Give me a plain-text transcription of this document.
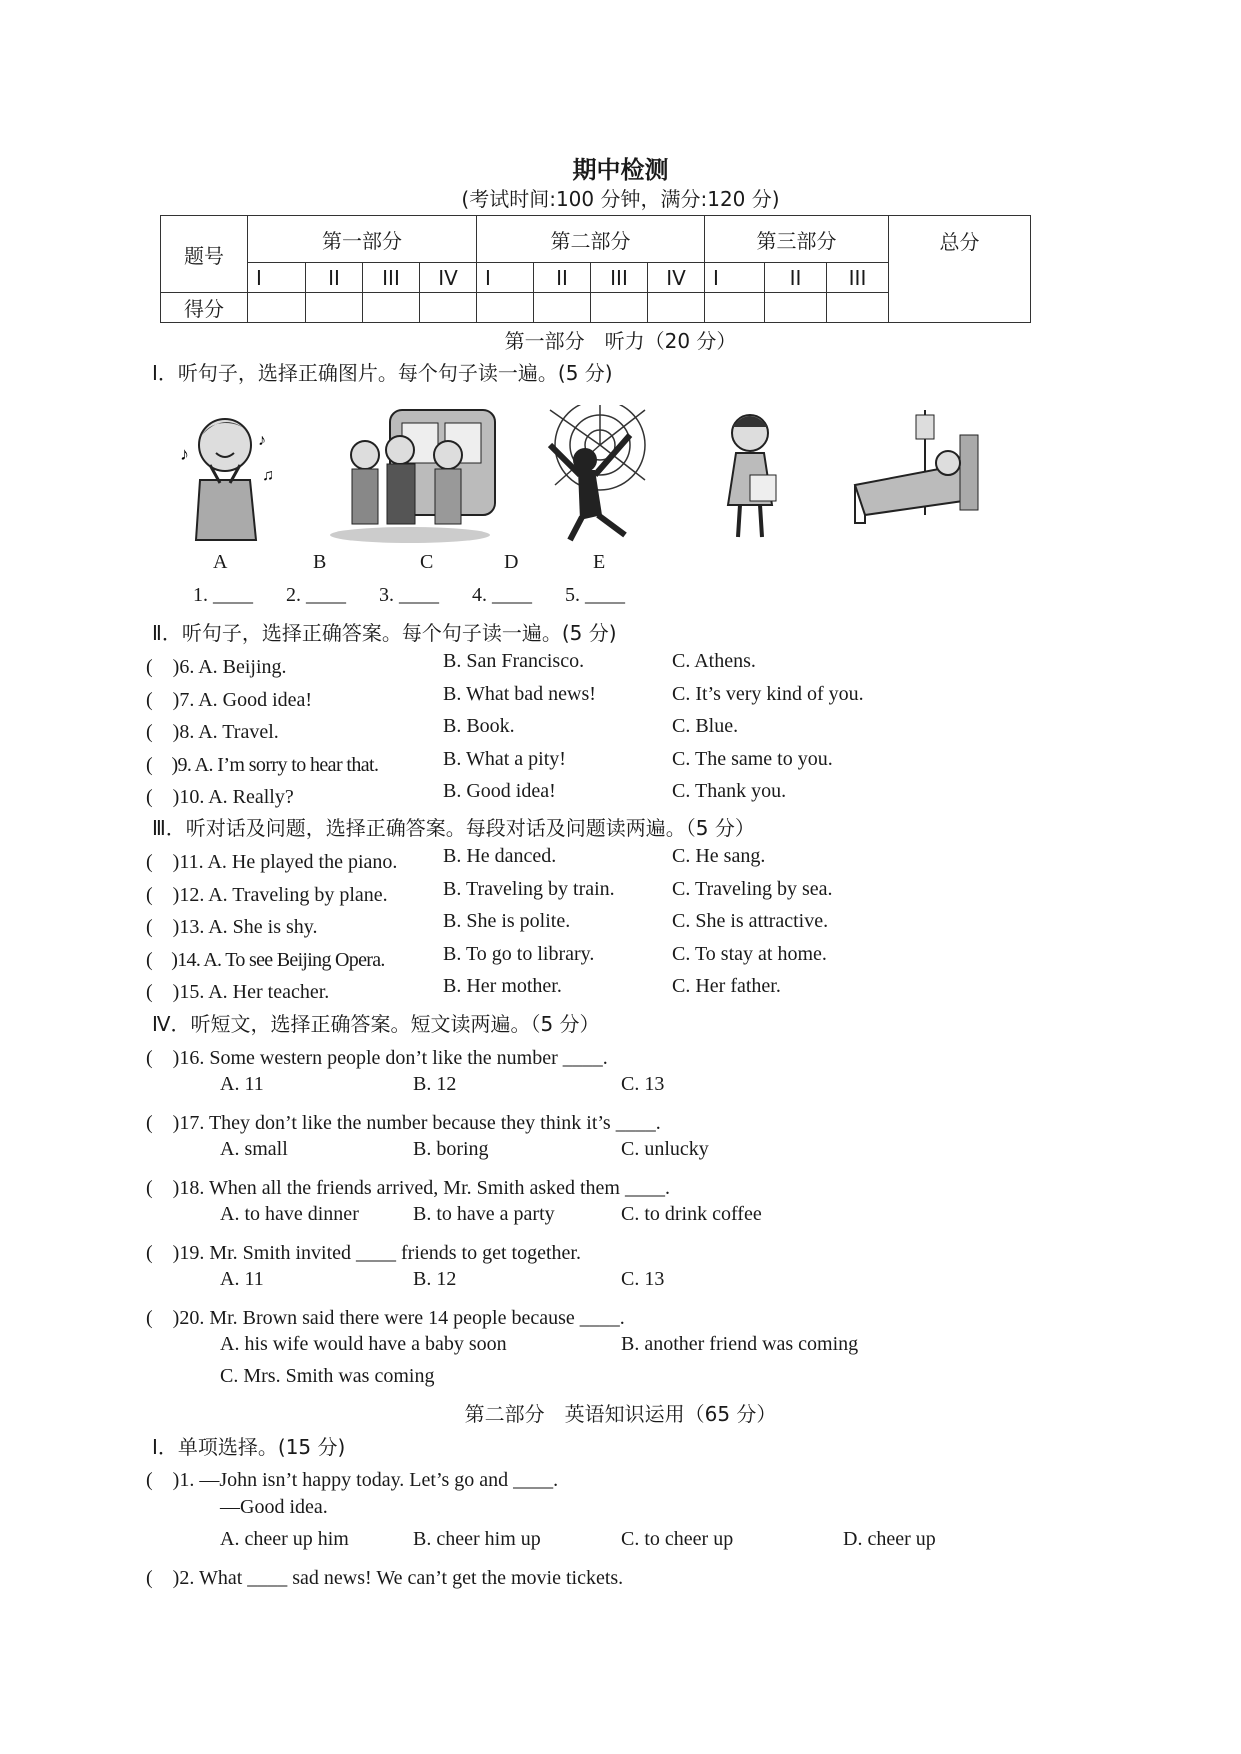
期中检测
(考试时间:100 分钟，满分:120 分)
题号	第一部分				第二部分				第三部分			总分
	I	II	III	IV	I	II	III	IV	I	II	III	
得分												
第一部分　听力（20 分）
Ⅰ．听句子，选择正确图片。每个句子读一遍。(5 分)
♪
♪
♫
A	B	C	D	E
1. ____ 2. ____ 3. ____ 4. ____ 5. ____
Ⅱ．听句子，选择正确答案。每个句子读一遍。(5 分)
(　)6. A. Beijing.	B. San Francisco.	C. Athens.
(　)7. A. Good idea!	B. What bad news!	C. It’s very kind of you.
(　)8. A. Travel.	B. Book.	C. Blue.
(　)9. A. I’m sorry to hear that.	B. What a pity!	C. The same to you.
(　)10. A. Really?	B. Good idea!	C. Thank you.
Ⅲ．听对话及问题，选择正确答案。每段对话及问题读两遍。（5 分）
(　)11. A. He played the piano. B. He danced.	C. He sang.
(　)12. A. Traveling by plane.	B. Traveling by train.	C. Traveling by sea.
(　)13. A. She is shy.	B. She is polite.	C. She is attractive.
(　)14. A. To see Beijing Opera.	B. To go to library.	C. To stay at home.
(　)15. A. Her teacher.	B. Her mother.	C. Her father.
Ⅳ．听短文，选择正确答案。短文读两遍。（5 分）
(　)16. Some western people don’t like the number ____.
A. 11	B. 12	C. 13
(　)17. They don’t like the number because they think it’s ____.
A. small	B. boring	C. unlucky
(　)18. When all the friends arrived, Mr. Smith asked them ____.
A. to have dinner	B. to have a party	C. to drink coffee
(　)19. Mr. Smith invited ____ friends to get together.
A. 11	B. 12	C. 13
(　)20. Mr. Brown said there were 14 people because ____.
A. his wife would have a baby soon	B. another friend was coming
C. Mrs. Smith was coming
第二部分　英语知识运用（65 分）
Ⅰ．单项选择。(15 分)
(　)1. —John isn’t happy today. Let’s go and ____.
—Good idea.
A. cheer up him	B. cheer him up	C. to cheer up	D. cheer up
(　)2. What ____ sad news! We can’t get the movie tickets.
